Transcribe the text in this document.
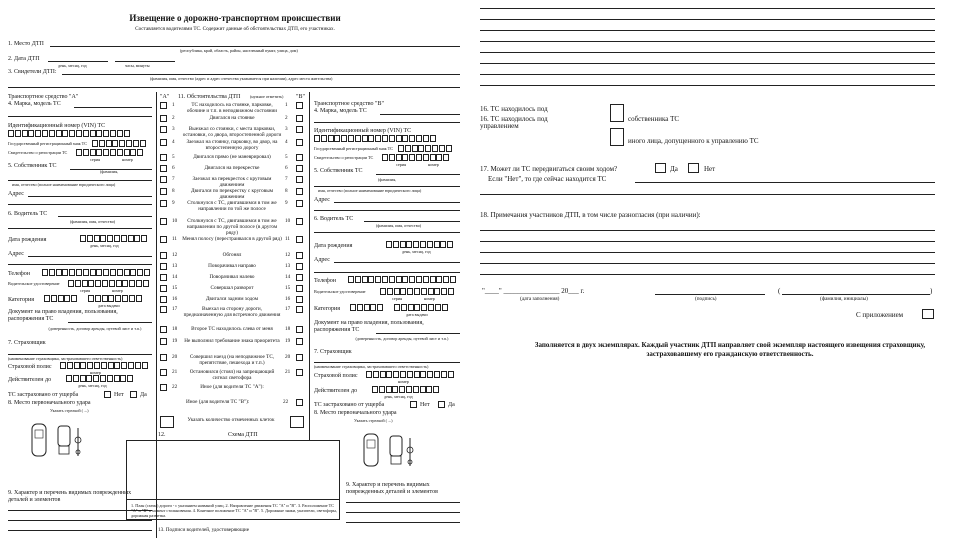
Извещение о дорожно-транспортном происшествии
Составляется водителями ТС. Содержит данные об обстоятельствах ДТП, его участниках.
1. Место ДТП
(республика, край, область, район, населенный пункт, улица, дом)
2. Дата ДТП
день, месяц, год	часы, минуты
3. Свидетели ДТП:
(фамилия, имя, отчество (адрес и адрес отечества указывается при наличии), адрес места жительства)
Транспортное средство "А"
4. Марка, модель ТС
Идентификационный номер (VIN) ТС
Государственный регистрационный знак ТС
Свидетельство о регистрации ТС
серия	номер
5. Собственник ТС
(фамилия,
имя, отчество (полное наименование юридического лица)
Адрес
6. Водитель ТС
(фамилия, имя, отчество)
Дата рождения
день, месяц, год
Адрес
Телефон
Водительское удостоверение
серия	номер
Категория
дата выдачи
Документ на право владения, пользования, распоряжения ТС
(доверенность, договор аренды, путевой лист и т.п.)
7. Страховщик
(наименование страховщика, застраховавшего ответственность)
Страховой полис
номер
Действителен до
день, месяц, год
ТС застраховано от ущерба	Нет	Да
8. Место первоначального удара
Указать стрелкой (→)
9. Характер и перечень видимых поврежденных деталей и элементов
"А" 11. Обстоятельства ДТП (нужное отметить) "В"
1	ТС находилось на стоянке, парковке, обочине и т.п. в неподвижном состоянии
1
2	Двигался на стоянке	2
3	Выезжал со стоянки, с места парковки, остановки, со двора, второстепенной дороги
3
4	Заезжал на стоянку, парковку, во двор, на второстепенную дорогу
4
5	Двигался прямо (не маневрировал)	5
6	Двигался на перекрестке	6
7	Заезжал на перекресток с круговым движением
7
8	Двигался по перекрестку с круговым движением
8
9	Столкнулся с ТС, двигавшимся в том же направлении по той же полосе
9
10	Столкнулся с ТС, двигавшимся в том же направлении по другой полосе (в другом ряду)
10
11 Менял полосу (перестраивался в другой ряд) 11
12	Обгонял	12
13	Поворачивал направо	13
14	Поворачивал налево	14
15	Совершал разворот	15
16	Двигался задним ходом	16
17	Выехал на сторону дороги, предназначенную для встречного движения
17
18	Второе ТС находилось слева от меня	18
19	Не выполнил требование знака приоритета	19
20	Совершил наезд (на неподвижное ТС, препятствие, пешехода и т.п.)
20
21	Остановился (стоял) на запрещающий сигнал светофора
21
22	Иное (для водителя ТС "А"):
Иное (для водителя ТС "В"):	22
Указать количество отмеченных клеток
12.	Схема ДТП
1. План (схема) дороги - с указанием названий улиц. 2. Направление движения ТС "А" и "В". 3. Расположение ТС "А" и "В" в момент столкновения. 4. Конечное положение ТС "А" и "В". 5. Дорожные знаки, указатели, светофоры, дорожная разметка.
13. Подписи водителей, удостоверяющие
Транспортное средство "В"
4. Марка, модель ТС
Идентификационный номер (VIN) ТС
Государственный регистрационный знак ТС
Свидетельство о регистрации ТС
серия	номер
5. Собственник ТС
(фамилия,
имя, отчество (полное наименование юридического лица)
Адрес
6. Водитель ТС
(фамилия, имя, отчество)
Дата рождения
день, месяц, год
Адрес
Телефон
Водительское удостоверение
серия	номер
Категория
дата выдачи
Документ на право владения, пользования, распоряжения ТС
(доверенность, договор аренды, путевой лист и т.п.)
7. Страховщик
(наименование страховщика, застраховавшего ответственность)
Страховой полис
номер
Действителен до
день, месяц, год
ТС застраховано от ущерба	Нет	Да
8. Место первоначального удара
Указать стрелкой (→)
9. Характер и перечень видимых поврежденных деталей и элементов
16. ТС находилось под
16. ТС находилось под управлением
собственника ТС
иного лица, допущенного к управлению ТС
17. Может ли ТС передвигаться своим ходом?	Да	Нет
Если "Нет", то где сейчас находится ТС
18. Примечания участников ДТП, в том числе разногласия (при наличии):
"____" ________________ 20___ г.
(дата заполнения)	(подпись)
(	)
(фамилия, инициалы)
С приложением
Заполняется в двух экземплярах. Каждый участник ДТП направляет свой экземпляр настоящего извещения страховщику, застраховавшему его гражданскую ответственность.
